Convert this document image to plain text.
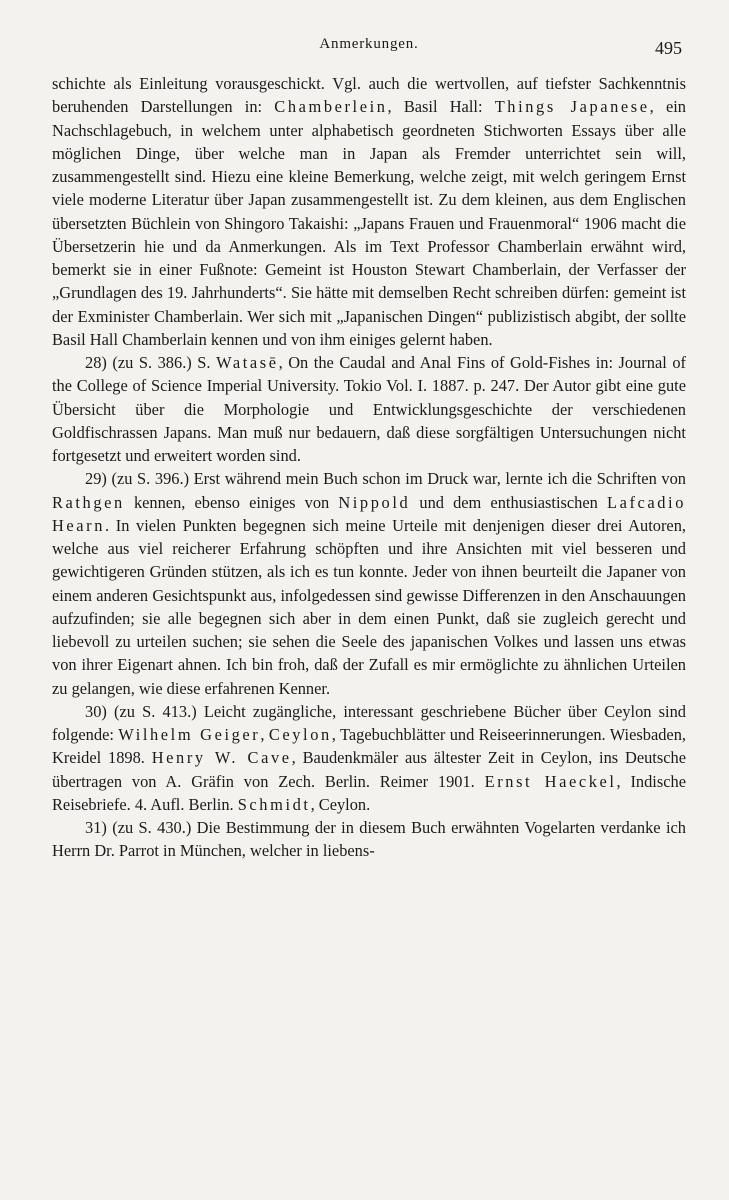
Anmerkungen.	495

schichte als Einleitung vorausgeschickt. Vgl. auch die wertvollen, auf tiefster Sachkenntnis beruhenden Darstellungen in: Chamberlein, Basil Hall: Things Japanese, ein Nachschlagebuch, in welchem unter alphabetisch geordneten Stichworten Essays über alle möglichen Dinge, über welche man in Japan als Fremder unterrichtet sein will, zusammengestellt sind. Hiezu eine kleine Bemerkung, welche zeigt, mit welch geringem Ernst viele moderne Literatur über Japan zusammengestellt ist. Zu dem kleinen, aus dem Englischen übersetzten Büchlein von Shingoro Takaishi: „Japans Frauen und Frauenmoral“ 1906 macht die Übersetzerin hie und da Anmerkungen. Als im Text Professor Chamberlain erwähnt wird, bemerkt sie in einer Fußnote: Gemeint ist Houston Stewart Chamberlain, der Verfasser der „Grundlagen des 19. Jahrhunderts“. Sie hätte mit demselben Recht schreiben dürfen: gemeint ist der Exminister Chamberlain. Wer sich mit „Japanischen Dingen“ publizistisch abgibt, der sollte Basil Hall Chamberlain kennen und von ihm einiges gelernt haben.

28) (zu S. 386.) S. Watasē, On the Caudal and Anal Fins of Gold-Fishes in: Journal of the College of Science Imperial University. Tokio Vol. I. 1887. p. 247. Der Autor gibt eine gute Übersicht über die Morphologie und Entwicklungsgeschichte der verschiedenen Goldfischrassen Japans. Man muß nur bedauern, daß diese sorgfältigen Untersuchungen nicht fortgesetzt und erweitert worden sind.

29) (zu S. 396.) Erst während mein Buch schon im Druck war, lernte ich die Schriften von Rathgen kennen, ebenso einiges von Nippold und dem enthusiastischen Lafcadio Hearn. In vielen Punkten begegnen sich meine Urteile mit denjenigen dieser drei Autoren, welche aus viel reicherer Erfahrung schöpften und ihre Ansichten mit viel besseren und gewichtigeren Gründen stützen, als ich es tun konnte. Jeder von ihnen beurteilt die Japaner von einem anderen Gesichtspunkt aus, infolgedessen sind gewisse Differenzen in den Anschauungen aufzufinden; sie alle begegnen sich aber in dem einen Punkt, daß sie zugleich gerecht und liebevoll zu urteilen suchen; sie sehen die Seele des japanischen Volkes und lassen uns etwas von ihrer Eigenart ahnen. Ich bin froh, daß der Zufall es mir ermöglichte zu ähnlichen Urteilen zu gelangen, wie diese erfahrenen Kenner.

30) (zu S. 413.) Leicht zugängliche, interessant geschriebene Bücher über Ceylon sind folgende: Wilhelm Geiger, Ceylon, Tagebuchblätter und Reiseerinnerungen. Wiesbaden, Kreidel 1898. Henry W. Cave, Baudenkmäler aus ältester Zeit in Ceylon, ins Deutsche übertragen von A. Gräfin von Zech. Berlin. Reimer 1901. Ernst Haeckel, Indische Reisebriefe. 4. Aufl. Berlin. Schmidt, Ceylon.

31) (zu S. 430.) Die Bestimmung der in diesem Buch erwähnten Vogelarten verdanke ich Herrn Dr. Parrot in München, welcher in liebens-
